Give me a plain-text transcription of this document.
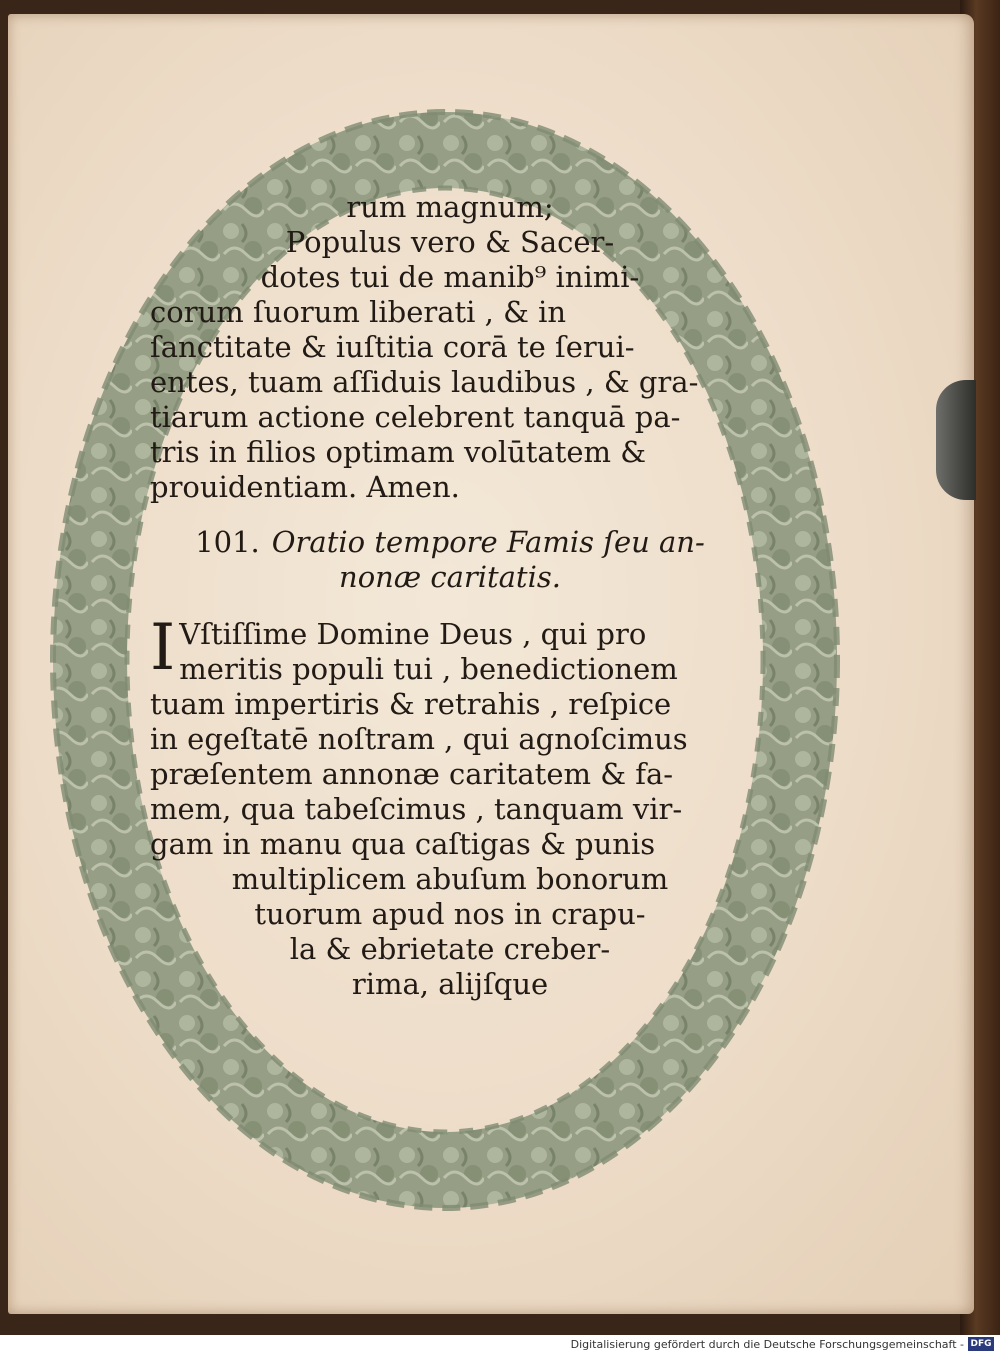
rum magnum;
Populus vero & Sacer-
dotes tui de manib⁹ inimi-
corum ſuorum liberati , & in
ſanctitate & iuſtitia corā te ſerui-
entes, tuam aſſiduis laudibus , & gra-
tiarum actione celebrent tanquā pa-
tris in filios optimam volūtatem &
prouidentiam. Amen.
101. Oratio tempore Famis ſeu an-
nonæ caritatis.
I Vſtiſſime Domine Deus , qui pro
meritis populi tui , benedictionem
tuam impertiris & retrahis , reſpice
in egeſtatē noſtram , qui agnoſcimus
præſentem annonæ caritatem & fa-
mem, qua tabeſcimus , tanquam vir-
gam in manu qua caſtigas & punis
multiplicem abuſum bonorum
tuorum apud nos in crapu-
la & ebrietate creber-
rima, alijſque
Digitalisierung gefördert durch die Deutsche Forschungsgemeinschaft - DFG
